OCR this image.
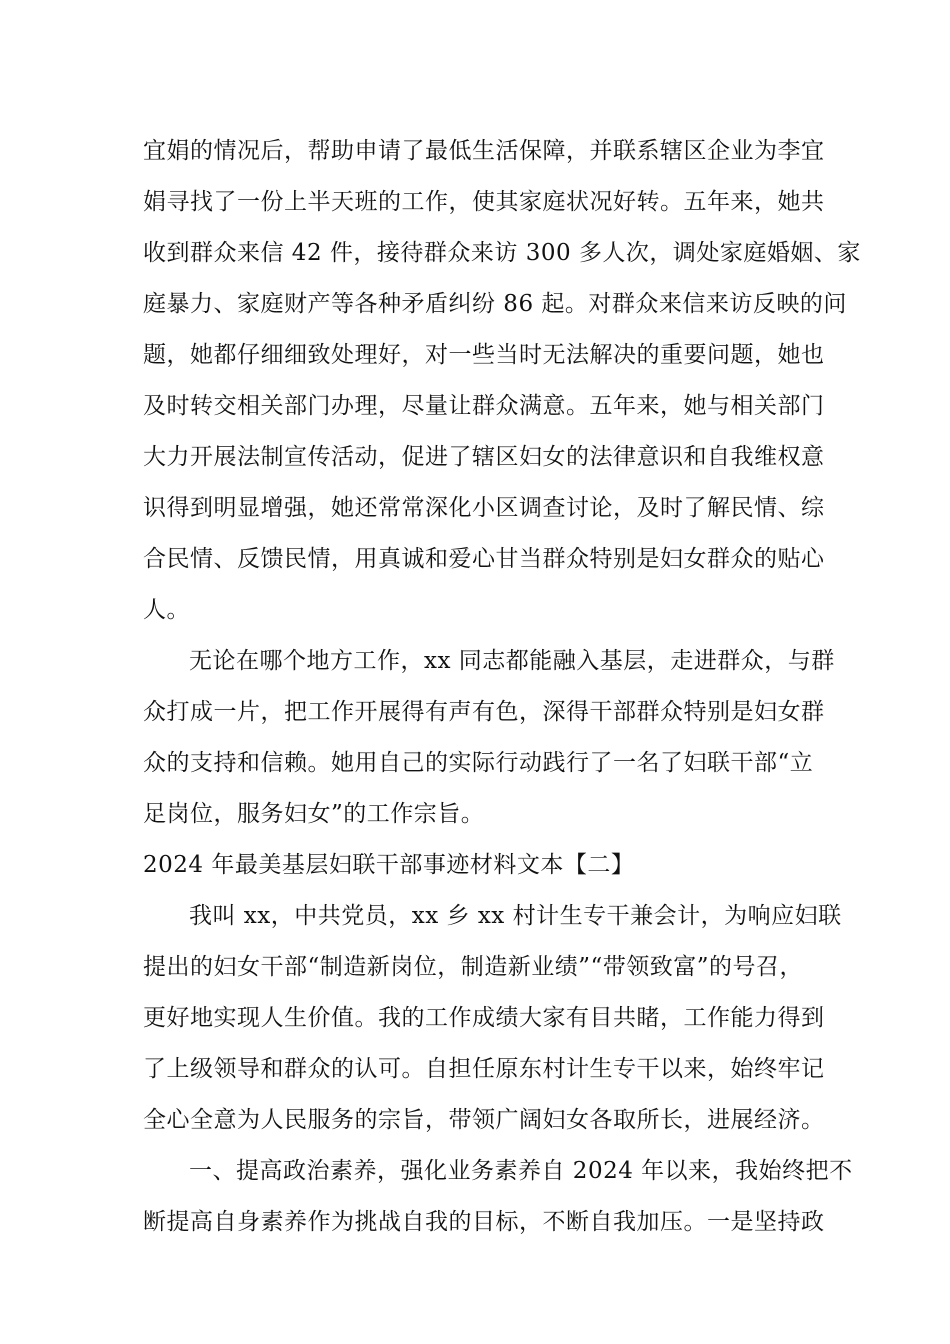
宜娟的情况后，帮助申请了最低生活保障，并联系辖区企业为李宜
娟寻找了一份上半天班的工作，使其家庭状况好转。五年来，她共
收到群众来信 42 件，接待群众来访 300 多人次，调处家庭婚姻、家
庭暴力、家庭财产等各种矛盾纠纷 86 起。对群众来信来访反映的问
题，她都仔细细致处理好，对一些当时无法解决的重要问题，她也
及时转交相关部门办理，尽量让群众满意。五年来，她与相关部门
大力开展法制宣传活动，促进了辖区妇女的法律意识和自我维权意
识得到明显增强，她还常常深化小区调查讨论，及时了解民情、综
合民情、反馈民情，用真诚和爱心甘当群众特别是妇女群众的贴心
人。
无论在哪个地方工作，xx 同志都能融入基层，走进群众，与群
众打成一片，把工作开展得有声有色，深得干部群众特别是妇女群
众的支持和信赖。她用自己的实际行动践行了一名了妇联干部“立
足岗位，服务妇女”的工作宗旨。
2024 年最美基层妇联干部事迹材料文本【二】
我叫 xx，中共党员，xx 乡 xx 村计生专干兼会计，为响应妇联
提出的妇女干部“制造新岗位，制造新业绩”“带领致富”的号召，
更好地实现人生价值。我的工作成绩大家有目共睹，工作能力得到
了上级领导和群众的认可。自担任原东村计生专干以来，始终牢记
全心全意为人民服务的宗旨，带领广阔妇女各取所长，进展经济。
一、提高政治素养，强化业务素养自 2024 年以来，我始终把不
断提高自身素养作为挑战自我的目标，不断自我加压。一是坚持政
